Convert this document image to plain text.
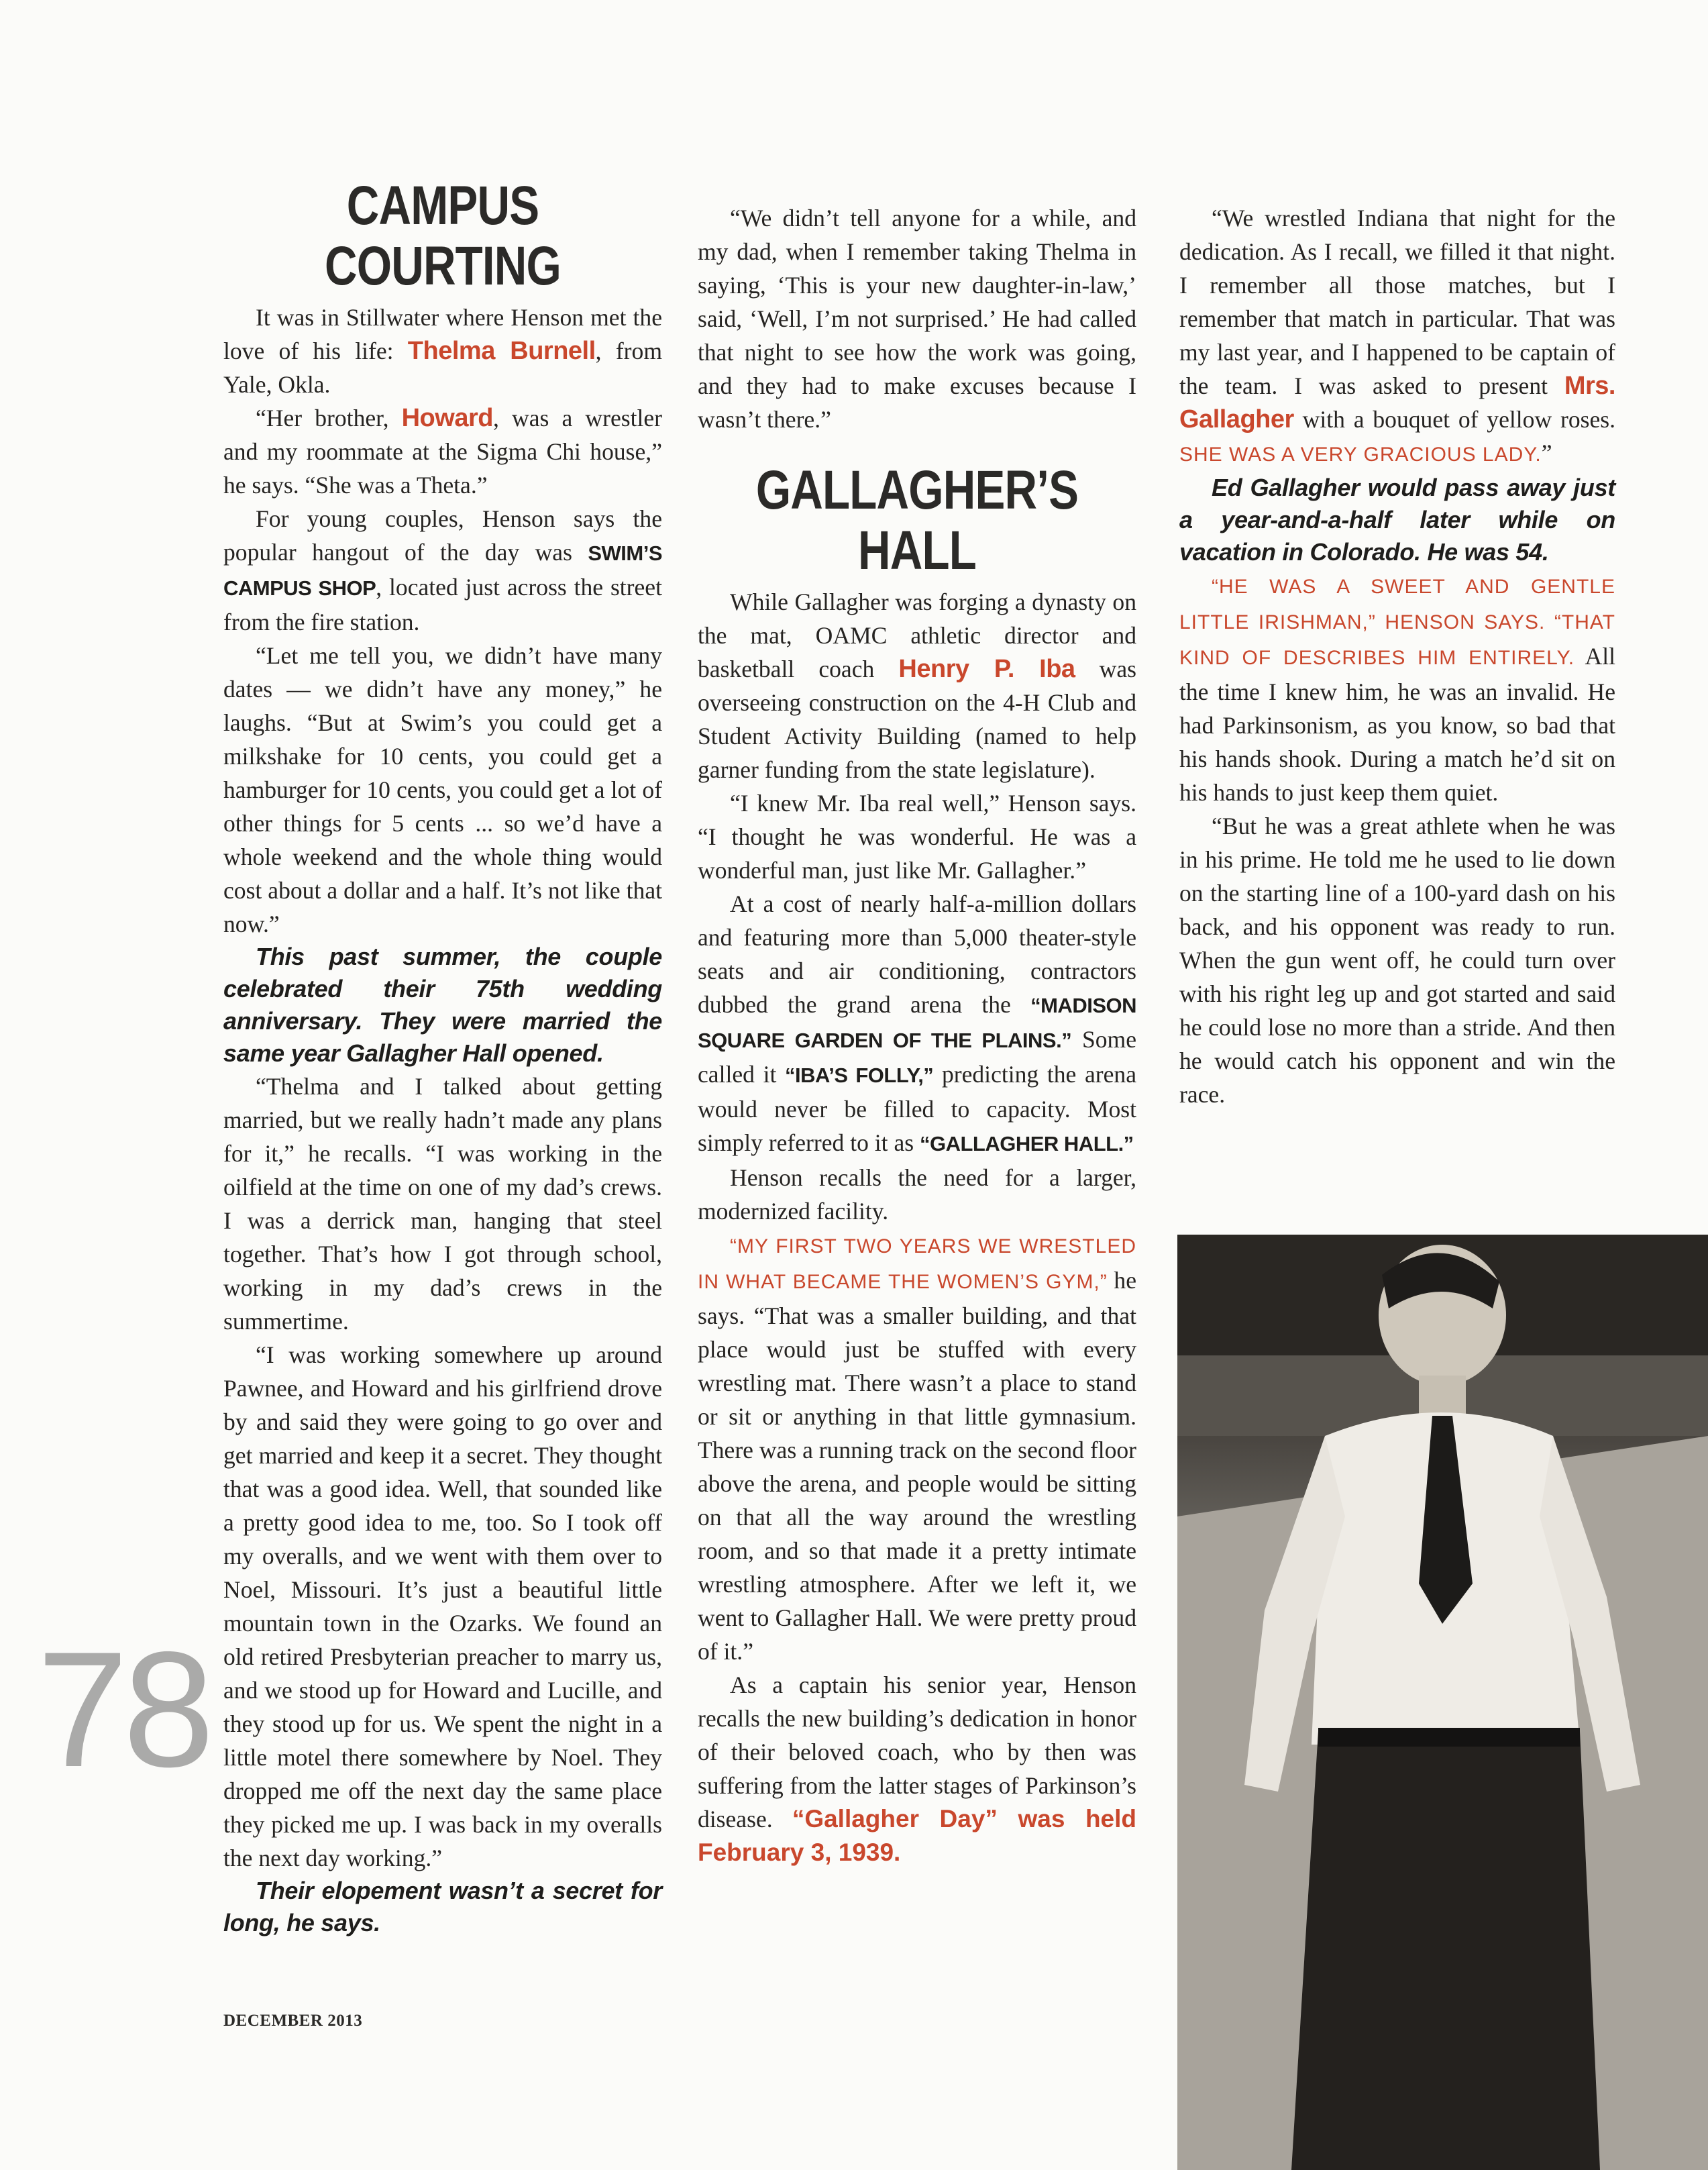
78
CAMPUS COURTING

It was in Stillwater where Henson met the love of his life: Thelma Burnell, from Yale, Okla.

“Her brother, Howard, was a wrestler and my roommate at the Sigma Chi house,” he says. “She was a Theta.”

For young couples, Henson says the popular hangout of the day was SWIM’S CAMPUS SHOP, located just across the street from the fire station.

“Let me tell you, we didn’t have many dates — we didn’t have any money,” he laughs. “But at Swim’s you could get a milkshake for 10 cents, you could get a hamburger for 10 cents, you could get a lot of other things for 5 cents ... so we’d have a whole weekend and the whole thing would cost about a dollar and a half. It’s not like that now.”

This past summer, the couple celebrated their 75th wedding anniversary. They were married the same year Gallagher Hall opened.

“Thelma and I talked about getting married, but we really hadn’t made any plans for it,” he recalls. “I was working in the oilfield at the time on one of my dad’s crews. I was a derrick man, hanging that steel together. That’s how I got through school, working in my dad’s crews in the summertime.

“I was working somewhere up around Pawnee, and Howard and his girlfriend drove by and said they were going to go over and get married and keep it a secret. They thought that was a good idea. Well, that sounded like a pretty good idea to me, too. So I took off my overalls, and we went with them over to Noel, Missouri. It’s just a beautiful little mountain town in the Ozarks. We found an old retired Presbyterian preacher to marry us, and we stood up for Howard and Lucille, and they stood up for us. We spent the night in a little motel there somewhere by Noel. They dropped me off the next day the same place they picked me up. I was back in my overalls the next day working.”

Their elopement wasn’t a secret for long, he says.

“We didn’t tell anyone for a while, and my dad, when I remember taking Thelma in saying, ‘This is your new daughter-in-law,’ said, ‘Well, I’m not surprised.’ He had called that night to see how the work was going, and they had to make excuses because I wasn’t there.”

GALLAGHER’S HALL

While Gallagher was forging a dynasty on the mat, OAMC athletic director and basketball coach Henry P. Iba was overseeing construction on the 4-H Club and Student Activity Building (named to help garner funding from the state legislature).

“I knew Mr. Iba real well,” Henson says. “I thought he was wonderful. He was a wonderful man, just like Mr. Gallagher.”

At a cost of nearly half-a-million dollars and featuring more than 5,000 theater-style seats and air conditioning, contractors dubbed the grand arena the “MADISON SQUARE GARDEN OF THE PLAINS.” Some called it “IBA’S FOLLY,” predicting the arena would never be filled to capacity. Most simply referred to it as “GALLAGHER HALL.”

Henson recalls the need for a larger, modernized facility.

“MY FIRST TWO YEARS WE WRESTLED IN WHAT BECAME THE WOMEN’S GYM,” he says. “That was a smaller building, and that place would just be stuffed with every wrestling mat. There wasn’t a place to stand or sit or anything in that little gymnasium. There was a running track on the second floor above the arena, and people would be sitting on that all the way around the wrestling room, and so that made it a pretty intimate wrestling atmosphere. After we left it, we went to Gallagher Hall. We were pretty proud of it.”

As a captain his senior year, Henson recalls the new building’s dedication in honor of their beloved coach, who by then was suffering from the latter stages of Parkinson’s disease. “Gallagher Day” was held February 3, 1939.

“We wrestled Indiana that night for the dedication. As I recall, we filled it that night. I remember all those matches, but I remember that match in particular. That was my last year, and I happened to be captain of the team. I was asked to present Mrs. Gallagher with a bouquet of yellow roses. SHE WAS A VERY GRACIOUS LADY.”

Ed Gallagher would pass away just a year-and-a-half later while on vacation in Colorado. He was 54.

“HE WAS A SWEET AND GENTLE LITTLE IRISHMAN,” HENSON SAYS. “THAT KIND OF DESCRIBES HIM ENTIRELY. All the time I knew him, he was an invalid. He had Parkinsonism, as you know, so bad that his hands shook. During a match he’d sit on his hands to just keep them quiet.

“But he was a great athlete when he was in his prime. He told me he used to lie down on the starting line of a 100-yard dash on his back, and his opponent was ready to run. When the gun went off, he could turn over with his right leg up and got started and said he could lose no more than a stride. And then he would catch his opponent and win the race.

DECEMBER 2013
